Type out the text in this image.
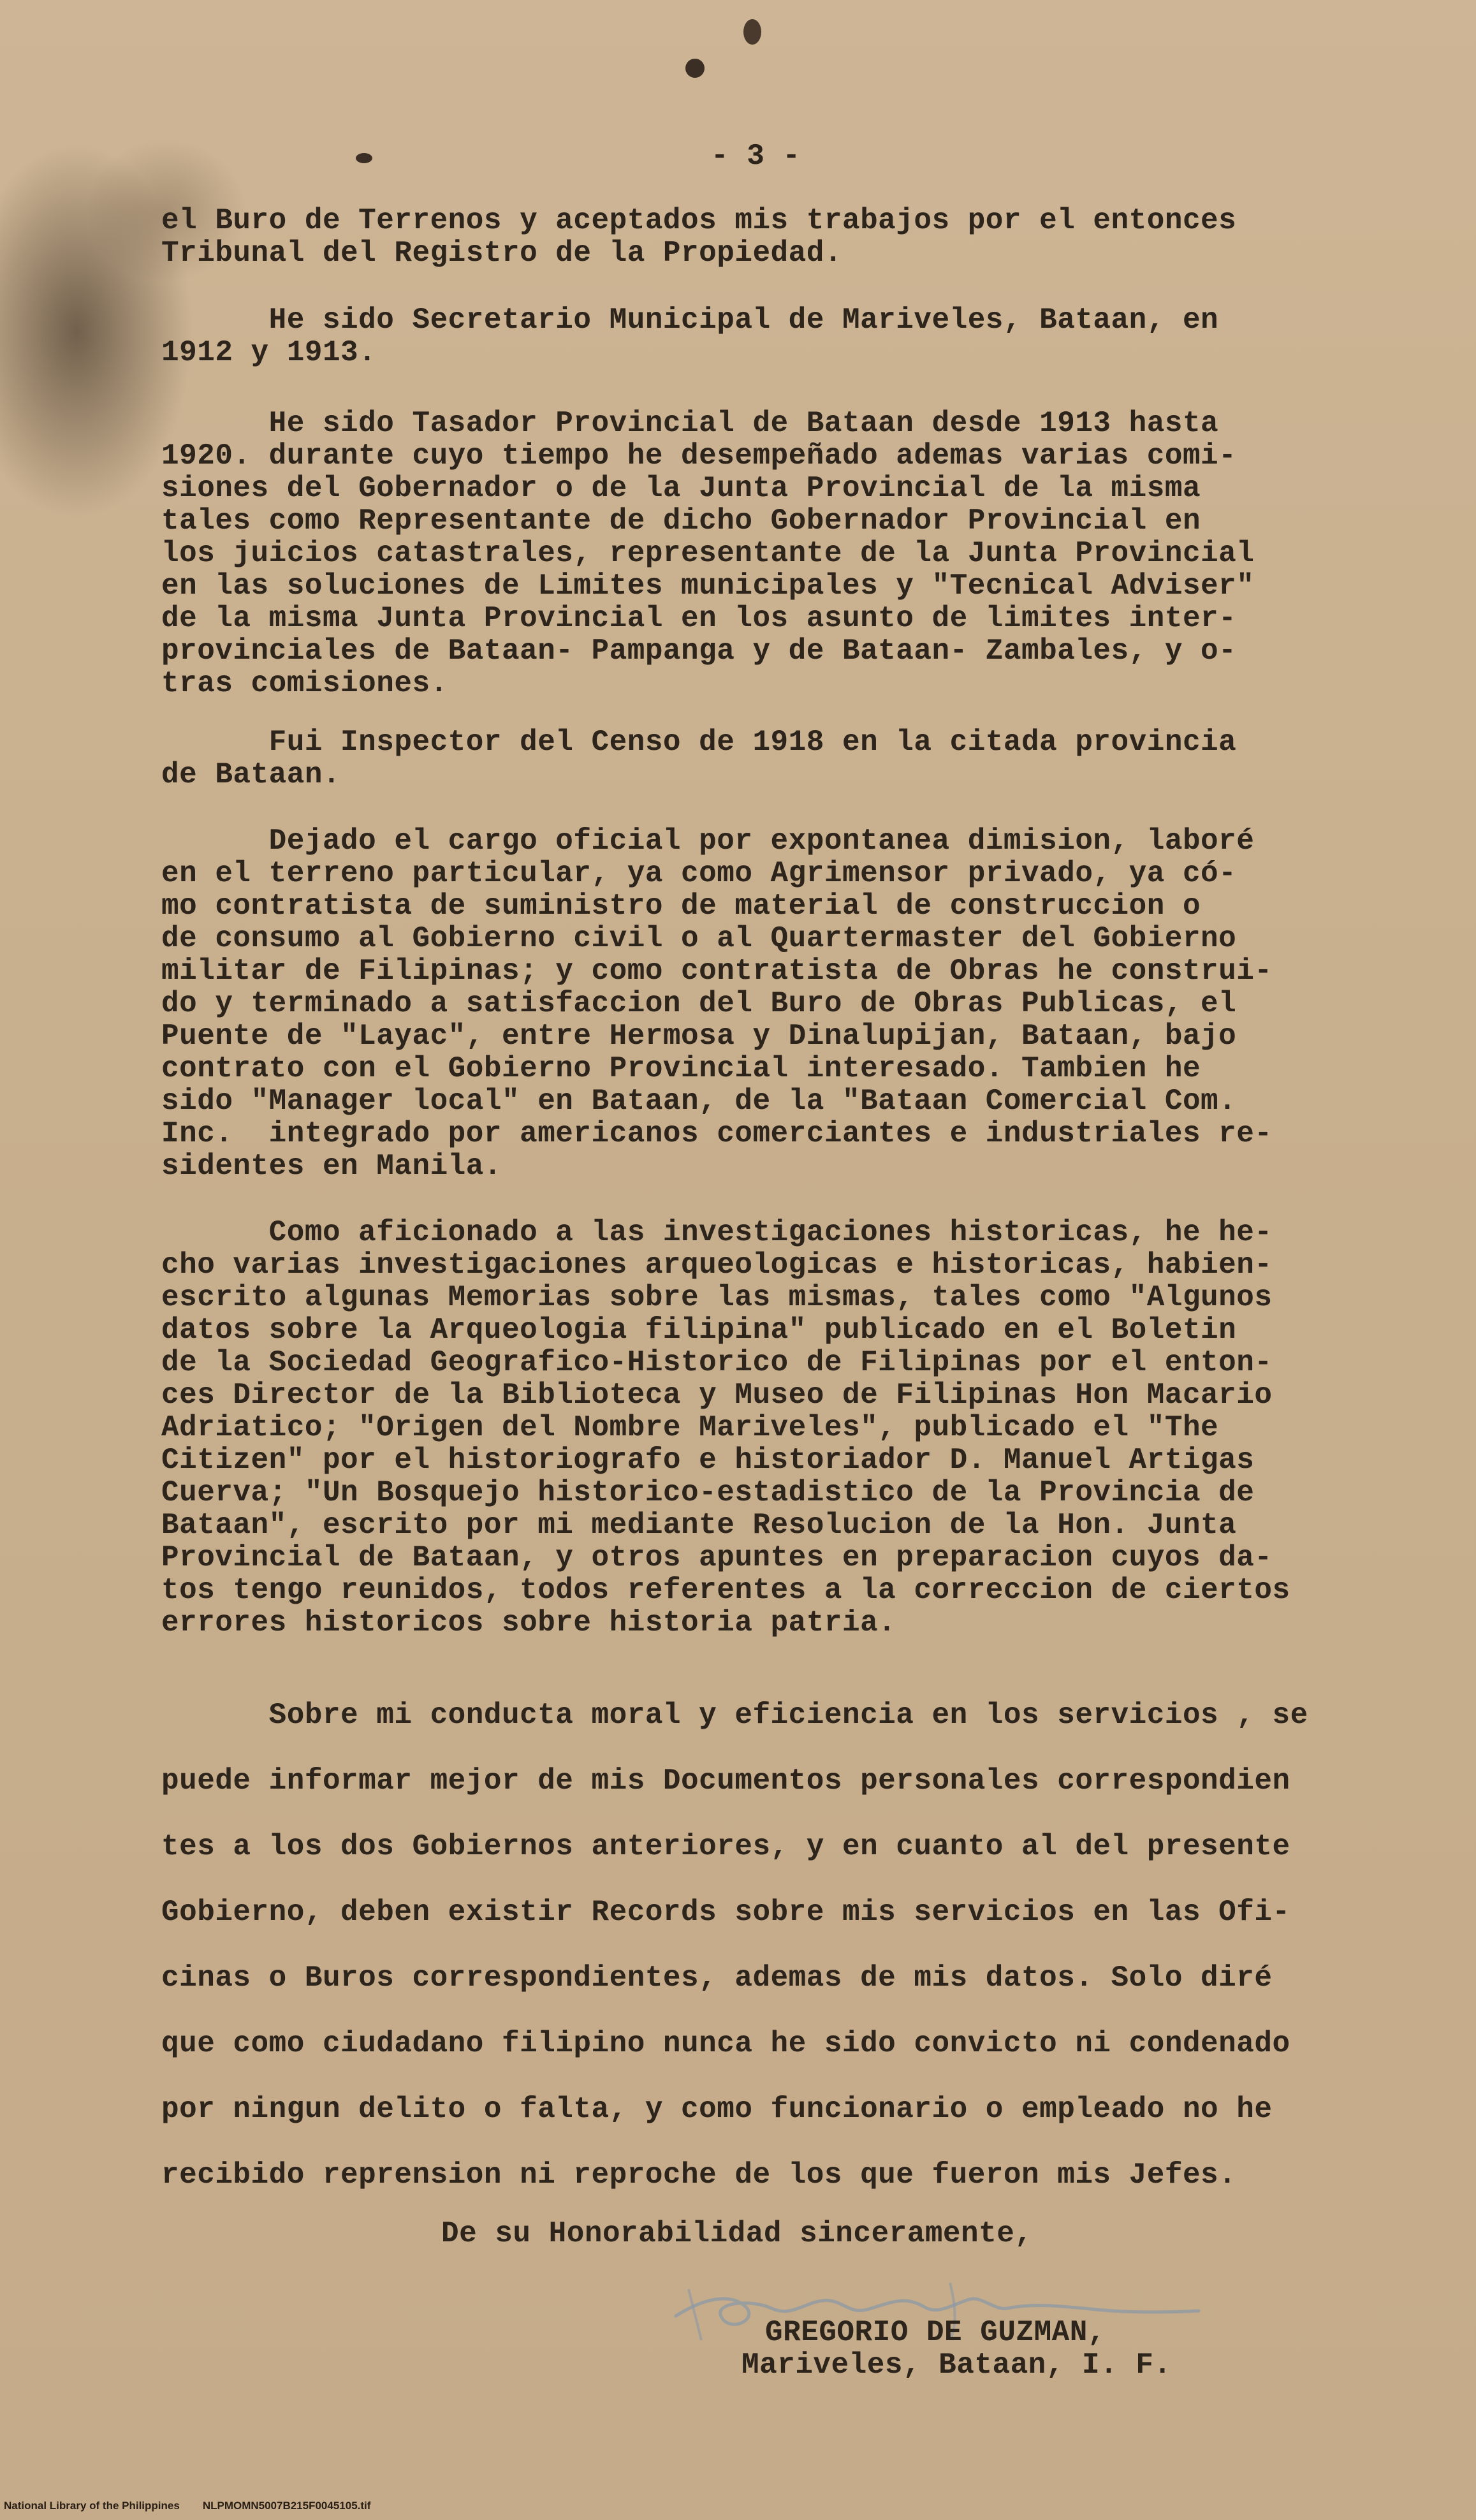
- 3 -
el Buro de Terrenos y aceptados mis trabajos por el entonces
Tribunal del Registro de la Propiedad.
He sido Secretario Municipal de Mariveles, Bataan, en
1912 y 1913.
He sido Tasador Provincial de Bataan desde 1913 hasta
1920. durante cuyo tiempo he desempeñado ademas varias comi-
siones del Gobernador o de la Junta Provincial de la misma
tales como Representante de dicho Gobernador Provincial en
los juicios catastrales, representante de la Junta Provincial
en las soluciones de Limites municipales y "Tecnical Adviser"
de la misma Junta Provincial en los asunto de limites inter-
provinciales de Bataan- Pampanga y de Bataan- Zambales, y o-
tras comisiones.
Fui Inspector del Censo de 1918 en la citada provincia
de Bataan.
Dejado el cargo oficial por expontanea dimision, laboré
en el terreno particular, ya como Agrimensor privado, ya có-
mo contratista de suministro de material de construccion o
de consumo al Gobierno civil o al Quartermaster del Gobierno
militar de Filipinas; y como contratista de Obras he construi-
do y terminado a satisfaccion del Buro de Obras Publicas, el
Puente de "Layac", entre Hermosa y Dinalupijan, Bataan, bajo
contrato con el Gobierno Provincial interesado. Tambien he
sido "Manager local" en Bataan, de la "Bataan Comercial Com.
Inc.  integrado por americanos comerciantes e industriales re-
sidentes en Manila.
Como aficionado a las investigaciones historicas, he he-
cho varias investigaciones arqueologicas e historicas, habien-
escrito algunas Memorias sobre las mismas, tales como "Algunos
datos sobre la Arqueologia filipina" publicado en el Boletin
de la Sociedad Geografico-Historico de Filipinas por el enton-
ces Director de la Biblioteca y Museo de Filipinas Hon Macario
Adriatico; "Origen del Nombre Mariveles", publicado el "The
Citizen" por el historiografo e historiador D. Manuel Artigas
Cuerva; "Un Bosquejo historico-estadistico de la Provincia de
Bataan", escrito por mi mediante Resolucion de la Hon. Junta
Provincial de Bataan, y otros apuntes en preparacion cuyos da-
tos tengo reunidos, todos referentes a la correccion de ciertos
errores historicos sobre historia patria.
Sobre mi conducta moral y eficiencia en los servicios , se
puede informar mejor de mis Documentos personales correspondien
tes a los dos Gobiernos anteriores, y en cuanto al del presente
Gobierno, deben existir Records sobre mis servicios en las Ofi-
cinas o Buros correspondientes, ademas de mis datos. Solo diré
que como ciudadano filipino nunca he sido convicto ni condenado
por ningun delito o falta, y como funcionario o empleado no he
recibido reprension ni reproche de los que fueron mis Jefes.
De su Honorabilidad sinceramente,
GREGORIO DE GUZMAN,
Mariveles, Bataan, I. F.
National Library of the Philippines NLPMOMN5007B215F0045105.tif
